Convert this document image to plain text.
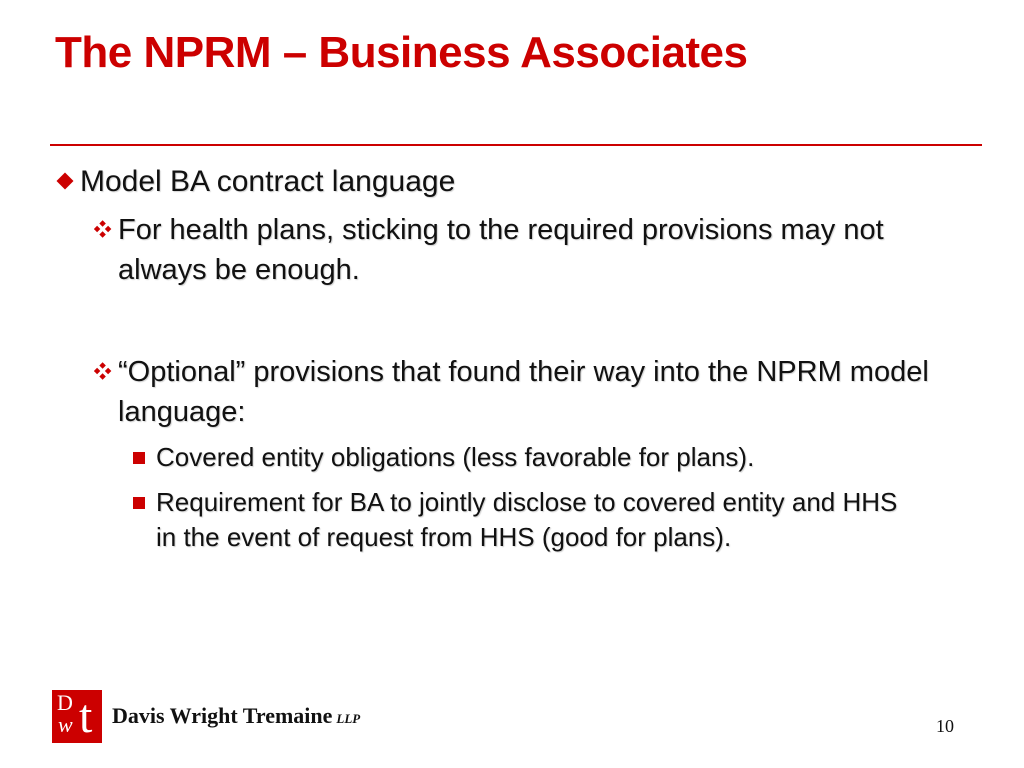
The NPRM – Business Associates
Model BA contract language
For health plans, sticking to the required provisions may not always be enough.
“Optional” provisions that found their way into the NPRM model language:
Covered entity obligations (less favorable for plans).
Requirement for BA to jointly disclose to covered entity and HHS in the event of request from HHS (good for plans).
D
w t Davis Wright Tremaine LLP	10
